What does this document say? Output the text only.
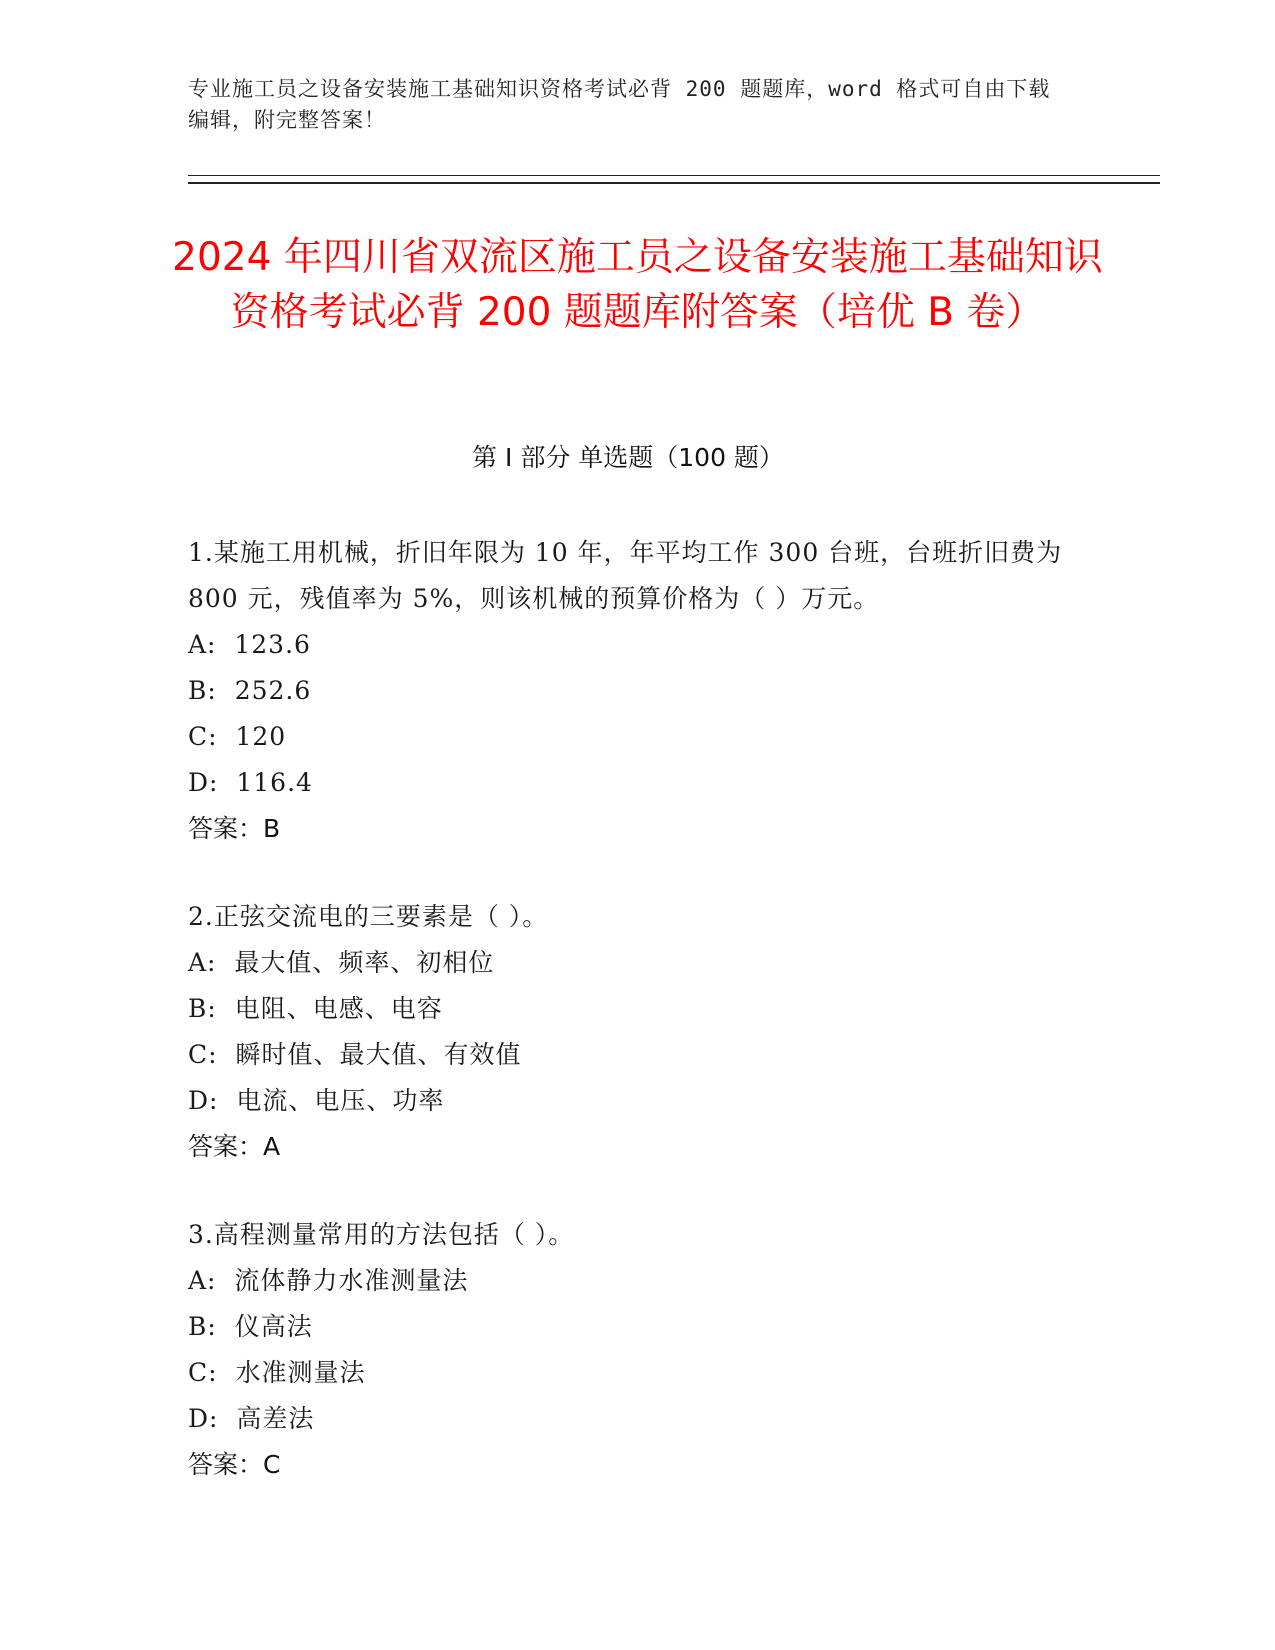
专业施工员之设备安装施工基础知识资格考试必背 200 题题库，word 格式可自由下载编辑，附完整答案！
2024 年四川省双流区施工员之设备安装施工基础知识资格考试必背 200 题题库附答案（培优 B 卷）
第 I 部分 单选题（100 题）
1.某施工用机械，折旧年限为 10 年，年平均工作 300 台班，台班折旧费为 800 元，残值率为 5%，则该机械的预算价格为（ ）万元。
A:  123.6
B:  252.6
C:  120
D:  116.4
答案：B
2.正弦交流电的三要素是（ ）。
A:  最大值、频率、初相位
B:  电阻、电感、电容
C:  瞬时值、最大值、有效值
D:  电流、电压、功率
答案：A
3.高程测量常用的方法包括（ ）。
A:  流体静力水准测量法
B:  仪高法
C:  水准测量法
D:  高差法
答案：C
